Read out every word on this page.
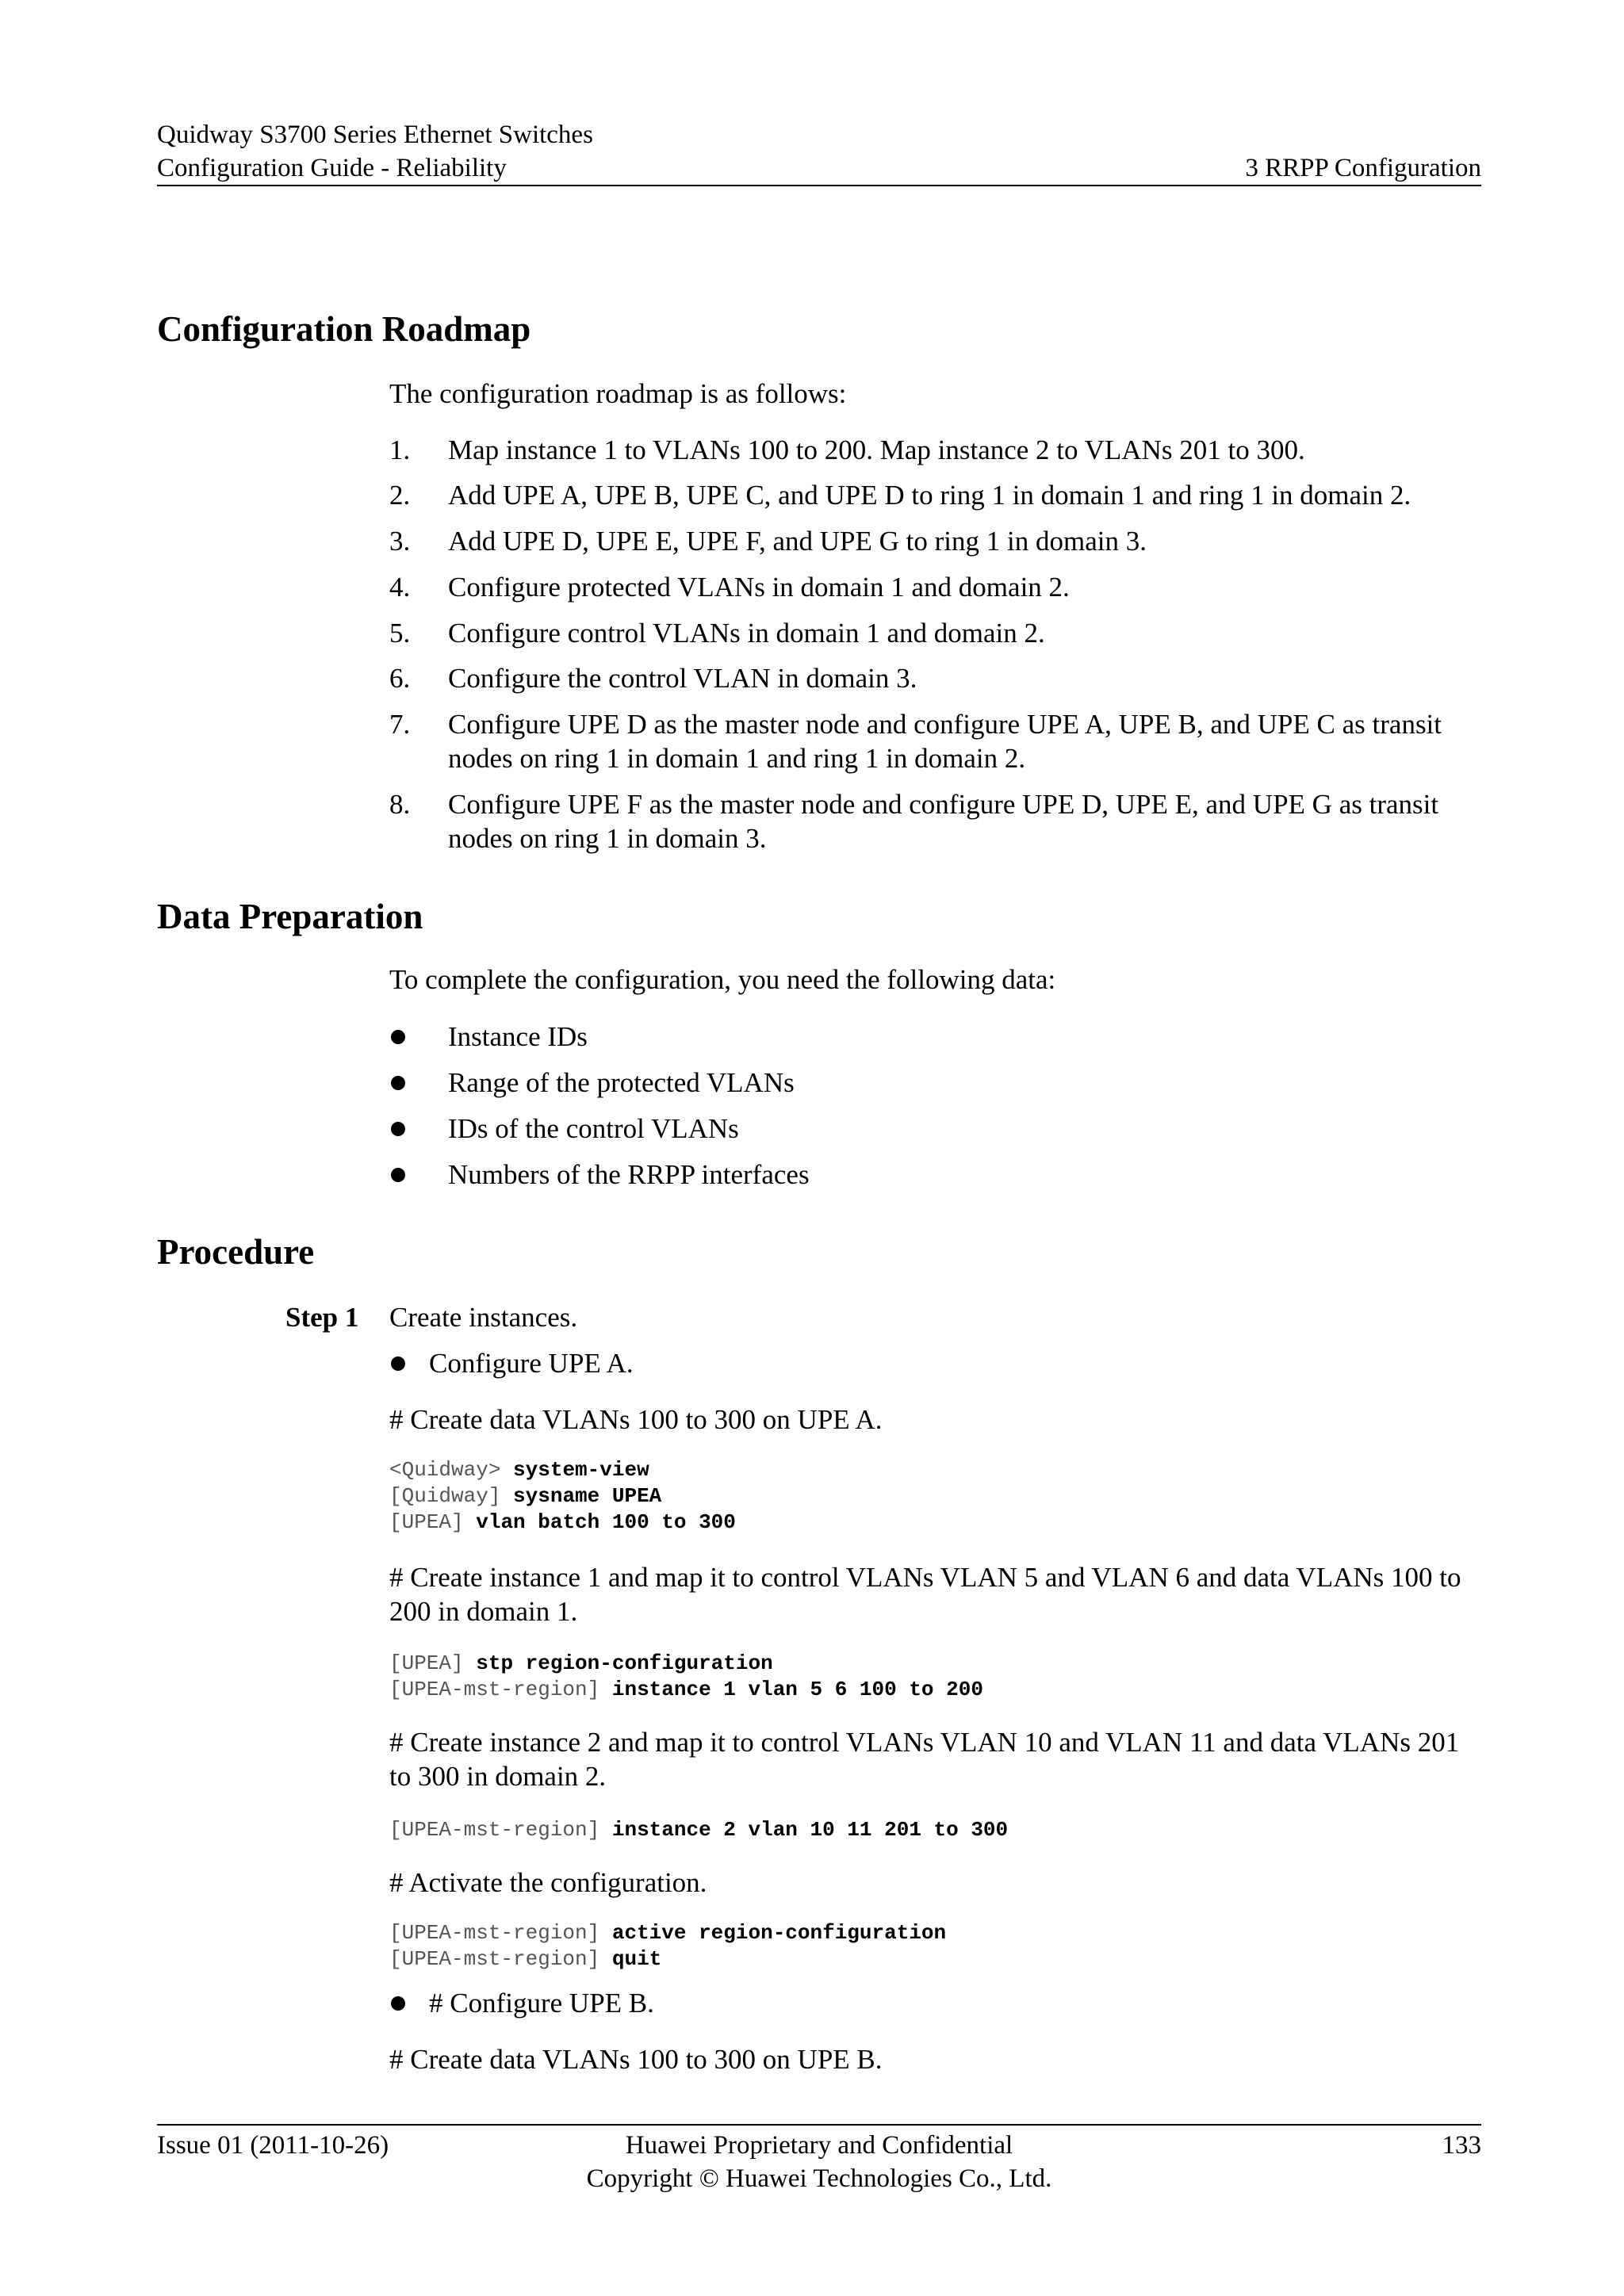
Quidway S3700 Series Ethernet Switches
Configuration Guide - Reliability	3 RRPP Configuration
Configuration Roadmap
The configuration roadmap is as follows:
1. Map instance 1 to VLANs 100 to 200. Map instance 2 to VLANs 201 to 300.
2. Add UPE A, UPE B, UPE C, and UPE D to ring 1 in domain 1 and ring 1 in domain 2.
3. Add UPE D, UPE E, UPE F, and UPE G to ring 1 in domain 3.
4. Configure protected VLANs in domain 1 and domain 2.
5. Configure control VLANs in domain 1 and domain 2.
6. Configure the control VLAN in domain 3.
7. Configure UPE D as the master node and configure UPE A, UPE B, and UPE C as transit nodes on ring 1 in domain 1 and ring 1 in domain 2.
8. Configure UPE F as the master node and configure UPE D, UPE E, and UPE G as transit nodes on ring 1 in domain 3.
Data Preparation
To complete the configuration, you need the following data:
Instance IDs
Range of the protected VLANs
IDs of the control VLANs
Numbers of the RRPP interfaces
Procedure
Step 1 Create instances.
Configure UPE A.
# Create data VLANs 100 to 300 on UPE A.
<Quidway> system-view
[Quidway] sysname UPEA
[UPEA] vlan batch 100 to 300
# Create instance 1 and map it to control VLANs VLAN 5 and VLAN 6 and data VLANs 100 to 200 in domain 1.
[UPEA] stp region-configuration
[UPEA-mst-region] instance 1 vlan 5 6 100 to 200
# Create instance 2 and map it to control VLANs VLAN 10 and VLAN 11 and data VLANs 201 to 300 in domain 2.
[UPEA-mst-region] instance 2 vlan 10 11 201 to 300
# Activate the configuration.
[UPEA-mst-region] active region-configuration
[UPEA-mst-region] quit
# Configure UPE B.
# Create data VLANs 100 to 300 on UPE B.
Issue 01 (2011-10-26)	133
Huawei Proprietary and Confidential
Copyright © Huawei Technologies Co., Ltd.
